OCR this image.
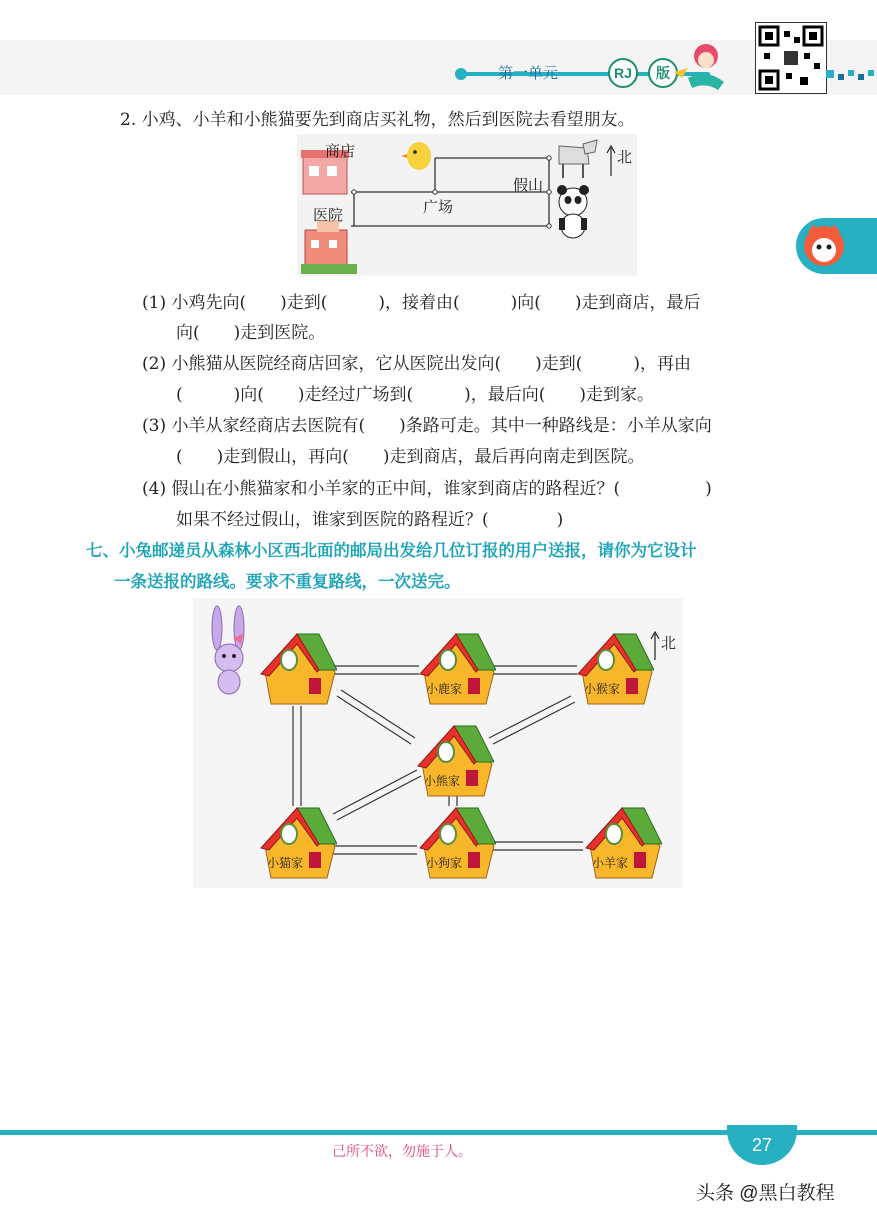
第一单元	RJ	版
2. 小鸡、小羊和小熊猫要先到商店买礼物，然后到医院去看望朋友。
商店
医院	广场
假山
北
(1) 小鸡先向(　　)走到(　　　)，接着由(　　　)向(　　)走到商店，最后
向(　　)走到医院。
(2) 小熊猫从医院经商店回家，它从医院出发向(　　)走到(　　　)，再由
(　　　)向(　　)走经过广场到(　　　)，最后向(　　)走到家。
(3) 小羊从家经商店去医院有(　　)条路可走。其中一种路线是：小羊从家向
(　　)走到假山，再向(　　)走到商店，最后再向南走到医院。
(4) 假山在小熊猫家和小羊家的正中间，谁家到商店的路程近？(　　　　　)
如果不经过假山，谁家到医院的路程近？(　　　　)
七、小兔邮递员从森林小区西北面的邮局出发给几位订报的用户送报，请你为它设计
一条送报的路线。要求不重复路线，一次送完。
小鹿家	小猴家
小熊家
小猫家	小狗家	小羊家
北
己所不欲，勿施于人。	27
头条 @黑白教程
